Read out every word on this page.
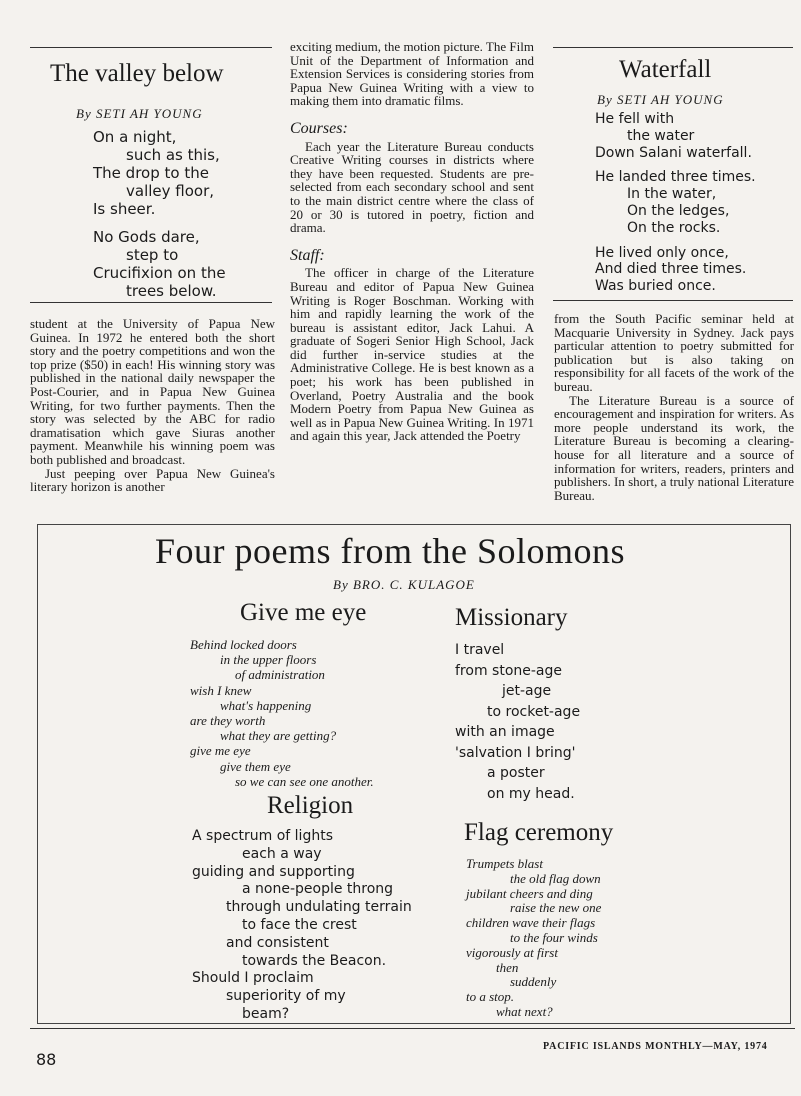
The valley below

By SETI AH YOUNG

On a night,
such as this,
The drop to the
valley floor,
Is sheer.
No Gods dare,
step to
Crucifixion on the
trees below.

student at the University of Papua New Guinea. In 1972 he entered both the short story and the poetry competitions and won the top prize ($50) in each! His winning story was published in the national daily newspaper the Post-Courier, and in Papua New Guinea Writing, for two further payments. Then the story was selected by the ABC for radio dramatisation which gave Siuras another payment. Meanwhile his winning poem was both published and broadcast.

Just peeping over Papua New Guinea's literary horizon is another

exciting medium, the motion picture. The Film Unit of the Department of Information and Extension Services is considering stories from Papua New Guinea Writing with a view to making them into dramatic films.

Courses:

Each year the Literature Bureau conducts Creative Writing courses in districts where they have been requested. Students are pre-selected from each secondary school and sent to the main district centre where the class of 20 or 30 is tutored in poetry, fiction and drama.

Staff:

The officer in charge of the Literature Bureau and editor of Papua New Guinea Writing is Roger Boschman. Working with him and rapidly learning the work of the bureau is assistant editor, Jack Lahui. A graduate of Sogeri Senior High School, Jack did further in-service studies at the Administrative College. He is best known as a poet; his work has been published in Overland, Poetry Australia and the book Modern Poetry from Papua New Guinea as well as in Papua New Guinea Writing. In 1971 and again this year, Jack attended the Poetry

Waterfall

By SETI AH YOUNG

He fell with
the water
Down Salani waterfall.
He landed three times.
In the water,
On the ledges,
On the rocks.
He lived only once,
And died three times.
Was buried once.

from the South Pacific seminar held at Macquarie University in Sydney. Jack pays particular attention to poetry submitted for publication but is also taking on responsibility for all facets of the work of the bureau.

The Literature Bureau is a source of encouragement and inspiration for writers. As more people understand its work, the Literature Bureau is becoming a clearing-house for all literature and a source of information for writers, readers, printers and publishers. In short, a truly national Literature Bureau.

Four poems from the Solomons

By BRO. C. KULAGOE

Give me eye
Behind locked doors
in the upper floors
of administration
wish I knew
what's happening
are they worth
what they are getting?
give me eye
give them eye
so we can see one another.
Missionary
I travel
from stone-age
jet-age
to rocket-age
with an image
'salvation I bring'
a poster
on my head.
Religion
A spectrum of lights
each a way
guiding and supporting
a none-people throng
through undulating terrain
to face the crest
and consistent
towards the Beacon.
Should I proclaim
superiority of my
beam?
Flag ceremony
Trumpets blast
the old flag down
jubilant cheers and ding
raise the new one
children wave their flags
to the four winds
vigorously at first
then
suddenly
to a stop.
what next?
88
PACIFIC ISLANDS MONTHLY—MAY, 1974
